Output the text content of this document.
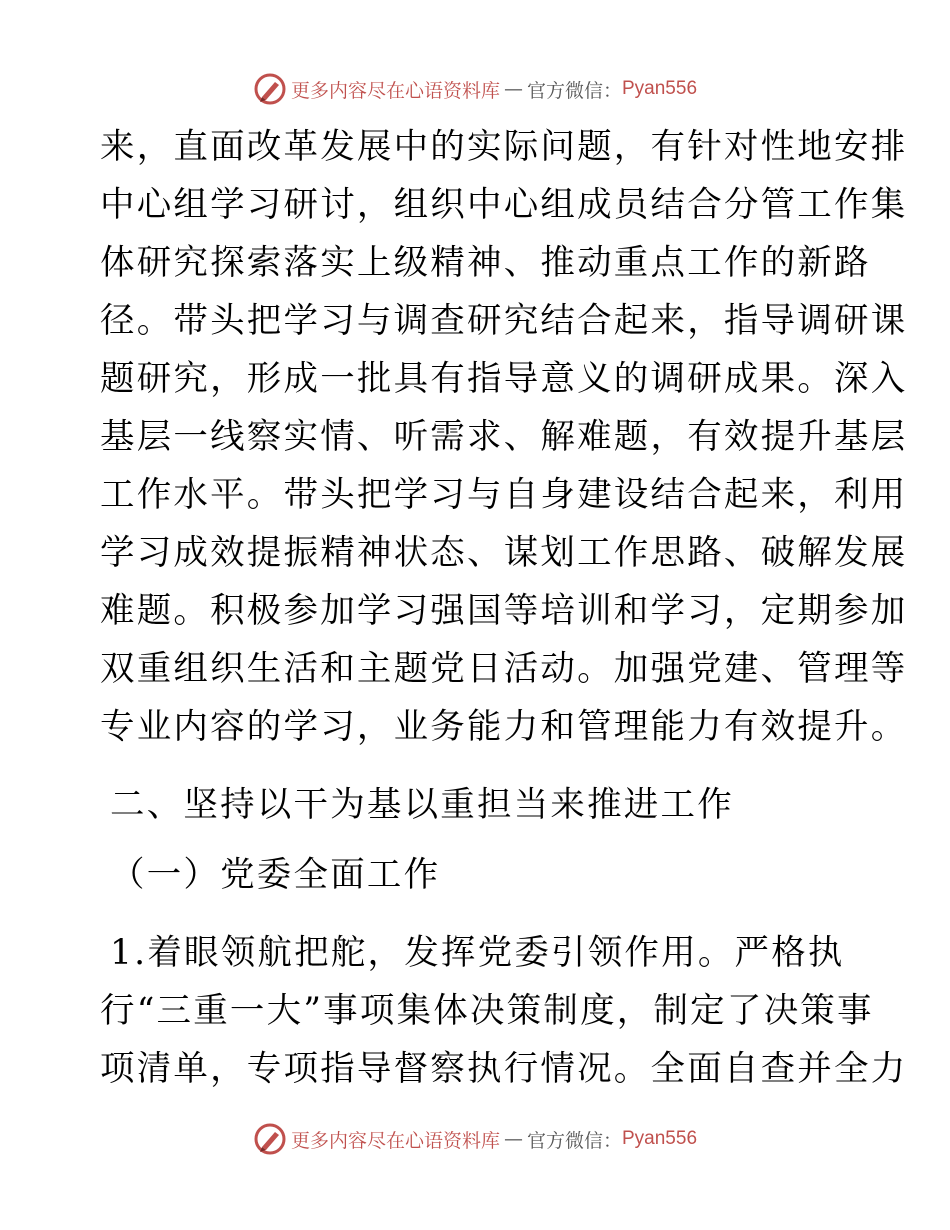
更多内容尽在心语资料库 — 官方微信： Pyan556
来，直面改革发展中的实际问题，有针对性地安排
中心组学习研讨，组织中心组成员结合分管工作集
体研究探索落实上级精神、推动重点工作的新路
径。带头把学习与调查研究结合起来，指导调研课
题研究，形成一批具有指导意义的调研成果。深入
基层一线察实情、听需求、解难题，有效提升基层
工作水平。带头把学习与自身建设结合起来，利用
学习成效提振精神状态、谋划工作思路、破解发展
难题。积极参加学习强国等培训和学习，定期参加
双重组织生活和主题党日活动。加强党建、管理等
专业内容的学习，业务能力和管理能力有效提升。
二、坚持以干为基以重担当来推进工作
（一）党委全面工作
1.着眼领航把舵，发挥党委引领作用。严格执
行“三重一大”事项集体决策制度，制定了决策事
项清单，专项指导督察执行情况。全面自查并全力
更多内容尽在心语资料库 — 官方微信： Pyan556
